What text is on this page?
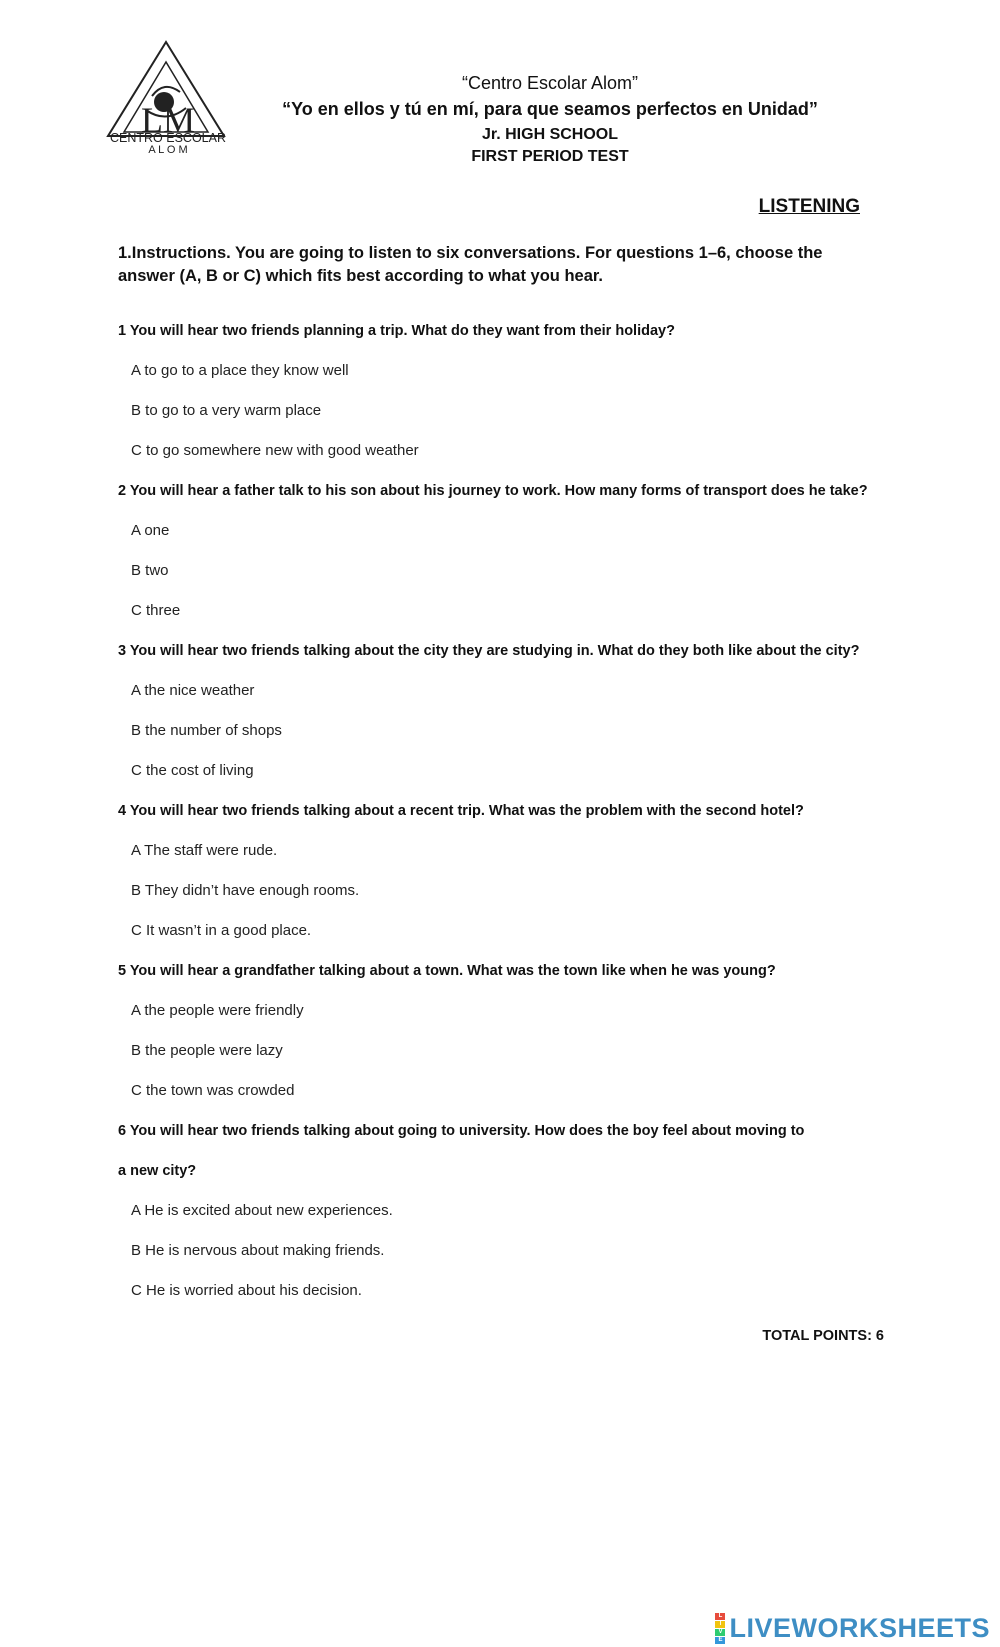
LM
CENTRO ESCOLAR
A L O M
“Centro Escolar Alom”
“Yo en ellos y tú en mí, para que seamos perfectos en Unidad”
Jr. HIGH SCHOOL
FIRST PERIOD TEST
LISTENING
1.Instructions. You are going to listen to six conversations. For questions 1–6, choose the answer (A, B or C) which fits best according to what you hear.
1 You will hear two friends planning a trip. What do they want from their holiday?
A to go to a place they know well
B to go to a very warm place
C to go somewhere new with good weather
2 You will hear a father talk to his son about his journey to work. How many forms of transport does he take?
A one
B two
C three
3 You will hear two friends talking about the city they are studying in. What do they both like about the city?
A the nice weather
B the number of shops
C the cost of living
4 You will hear two friends talking about a recent trip. What was the problem with the second hotel?
A The staff were rude.
B They didn’t have enough rooms.
C It wasn’t in a good place.
5 You will hear a grandfather talking about a town. What was the town like when he was young?
A the people were friendly
B the people were lazy
C the town was crowded
6 You will hear two friends talking about going to university. How does the boy feel about moving to
a new city?
A He is excited about new experiences.
B He is nervous about making friends.
C He is worried about his decision.
TOTAL POINTS: 6
L
I
V
E LIVEWORKSHEETS
